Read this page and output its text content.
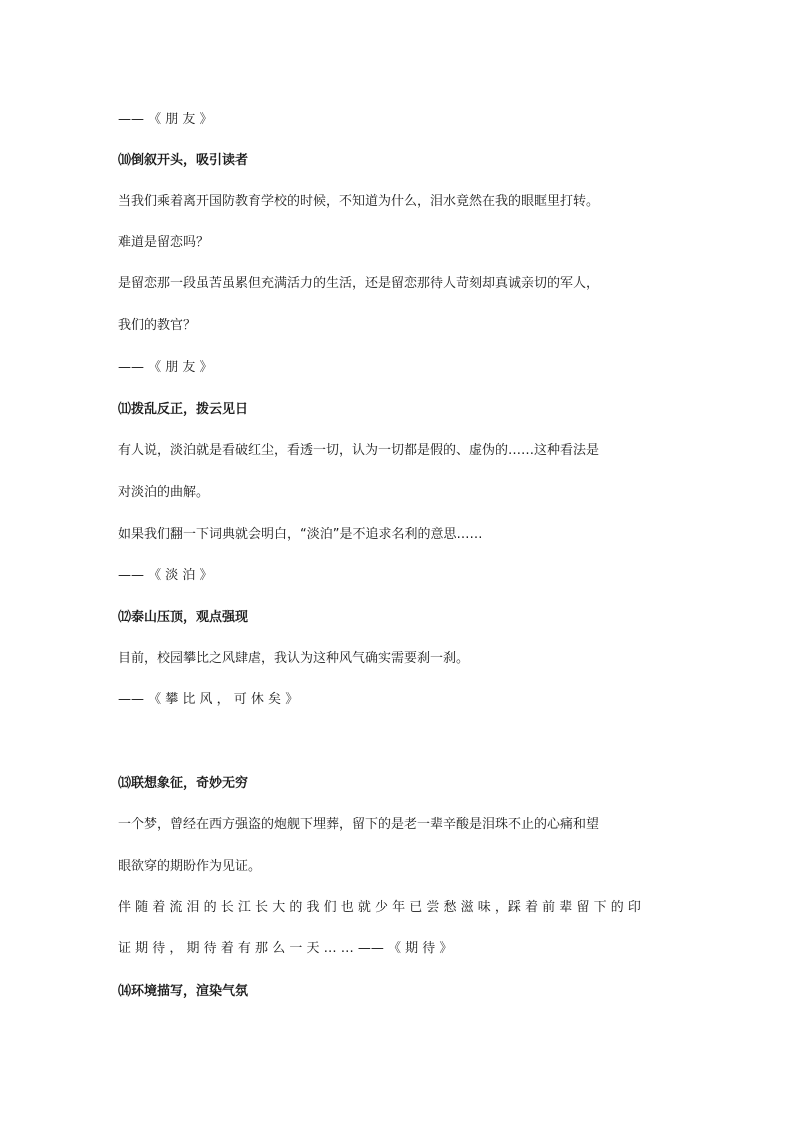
—— 《 朋 友 》
⑽倒叙开头，吸引读者
当我们乘着离开国防教育学校的时候，不知道为什么，泪水竟然在我的眼眶里打转。
难道是留恋吗？
是留恋那一段虽苦虽累但充满活力的生活，还是留恋那待人苛刻却真诚亲切的军人，
我们的教官？
—— 《 朋 友 》
⑾拨乱反正，拨云见日
有人说，淡泊就是看破红尘，看透一切，认为一切都是假的、虚伪的……这种看法是
对淡泊的曲解。
如果我们翻一下词典就会明白，“淡泊”是不追求名利的意思……
—— 《 淡 泊 》
⑿泰山压顶，观点强现
目前，校园攀比之风肆虐，我认为这种风气确实需要刹一刹。
—— 《 攀 比 风 ， 可 休 矣 》
⒀联想象征，奇妙无穷
一个梦，曾经在西方强盗的炮舰下埋葬，留下的是老一辈辛酸是泪珠不止的心痛和望
眼欲穿的期盼作为见证。
伴 随 着 流 泪 的 长 江 长 大 的 我 们 也 就 少 年 已 尝 愁 滋 味 ，踩 着 前 辈 留 下 的 印
证 期 待 ， 期 待 着 有 那 么 一 天 … … —— 《 期 待 》
⒁环境描写，渲染气氛
